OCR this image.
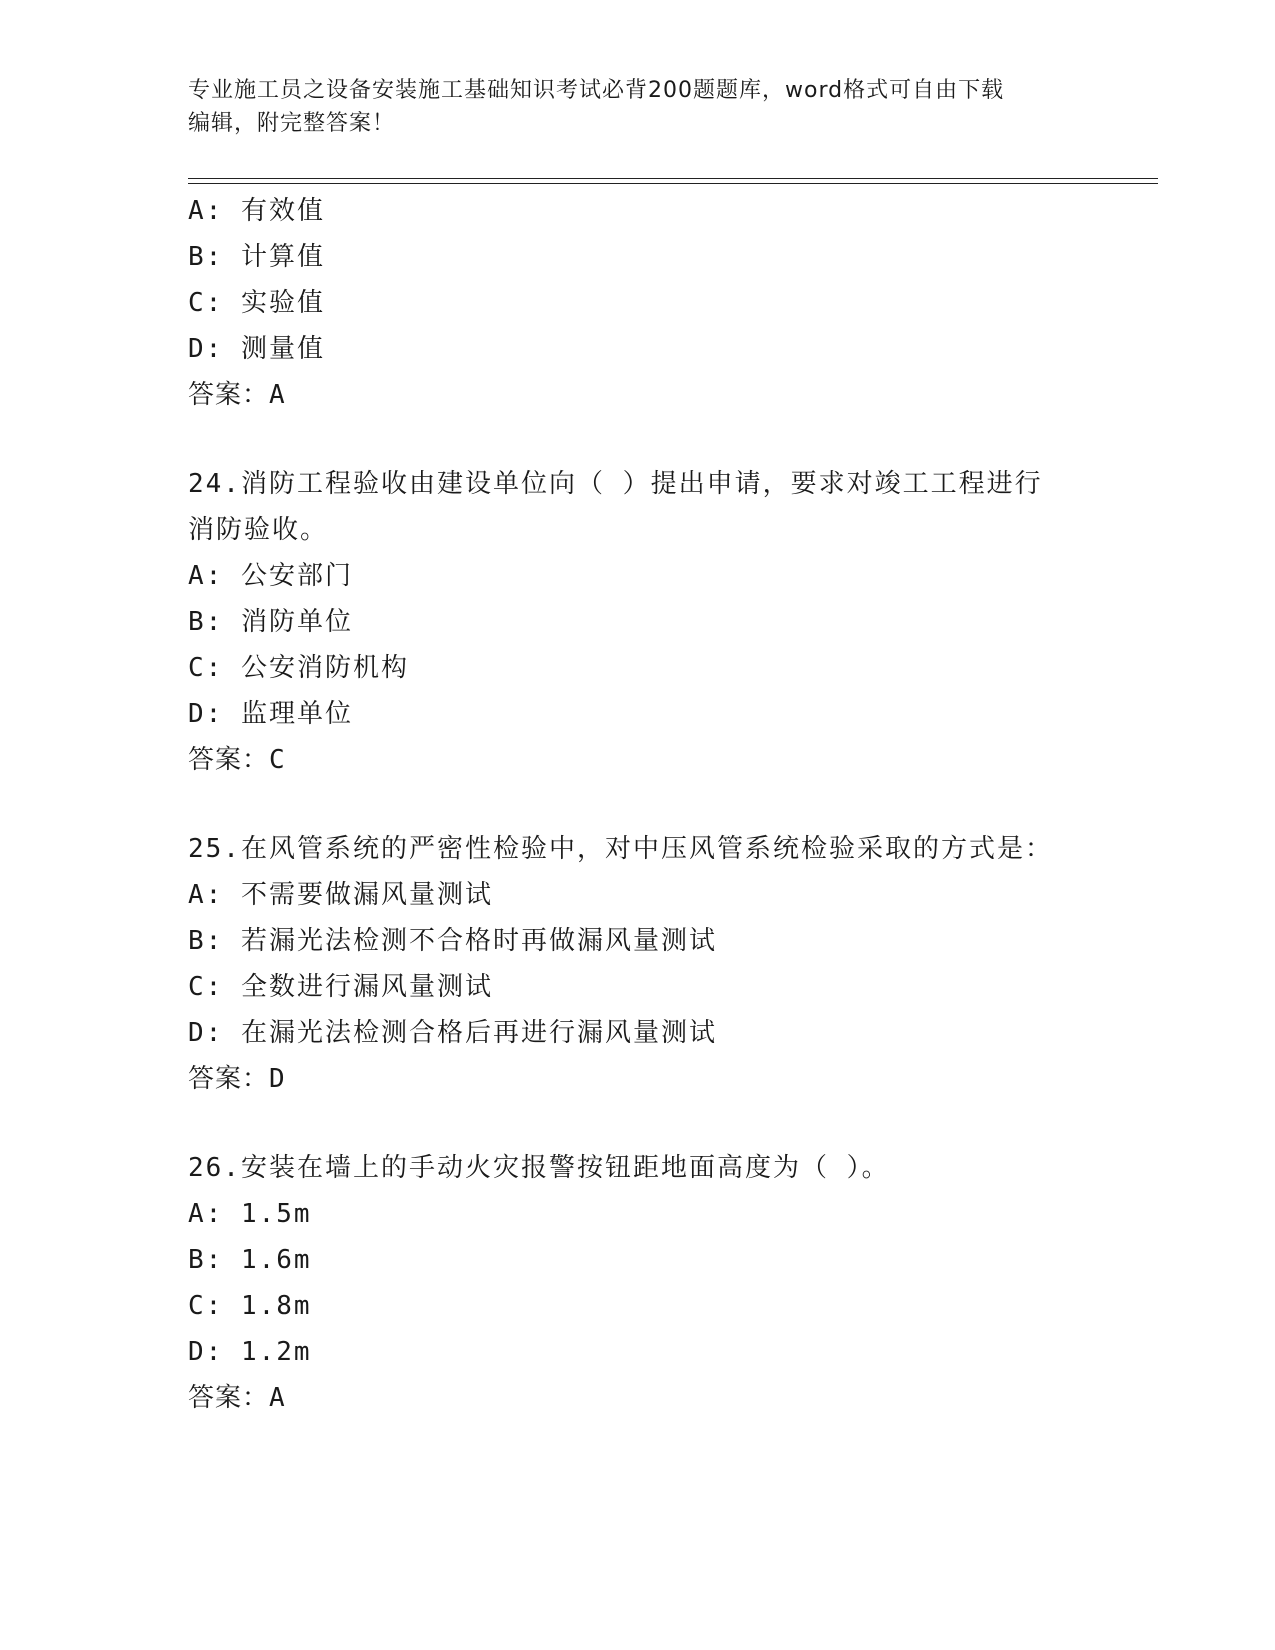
专业施工员之设备安装施工基础知识考试必背200题题库，word格式可自由下载
编辑，附完整答案！
A: 有效值
B: 计算值
C: 实验值
D: 测量值
答案：A
24.消防工程验收由建设单位向（ ）提出申请，要求对竣工工程进行
消防验收。
A: 公安部门
B: 消防单位
C: 公安消防机构
D: 监理单位
答案：C
25.在风管系统的严密性检验中，对中压风管系统检验采取的方式是：
A: 不需要做漏风量测试
B: 若漏光法检测不合格时再做漏风量测试
C: 全数进行漏风量测试
D: 在漏光法检测合格后再进行漏风量测试
答案：D
26.安装在墙上的手动火灾报警按钮距地面高度为（ ）。
A: 1.5m
B: 1.6m
C: 1.8m
D: 1.2m
答案：A
